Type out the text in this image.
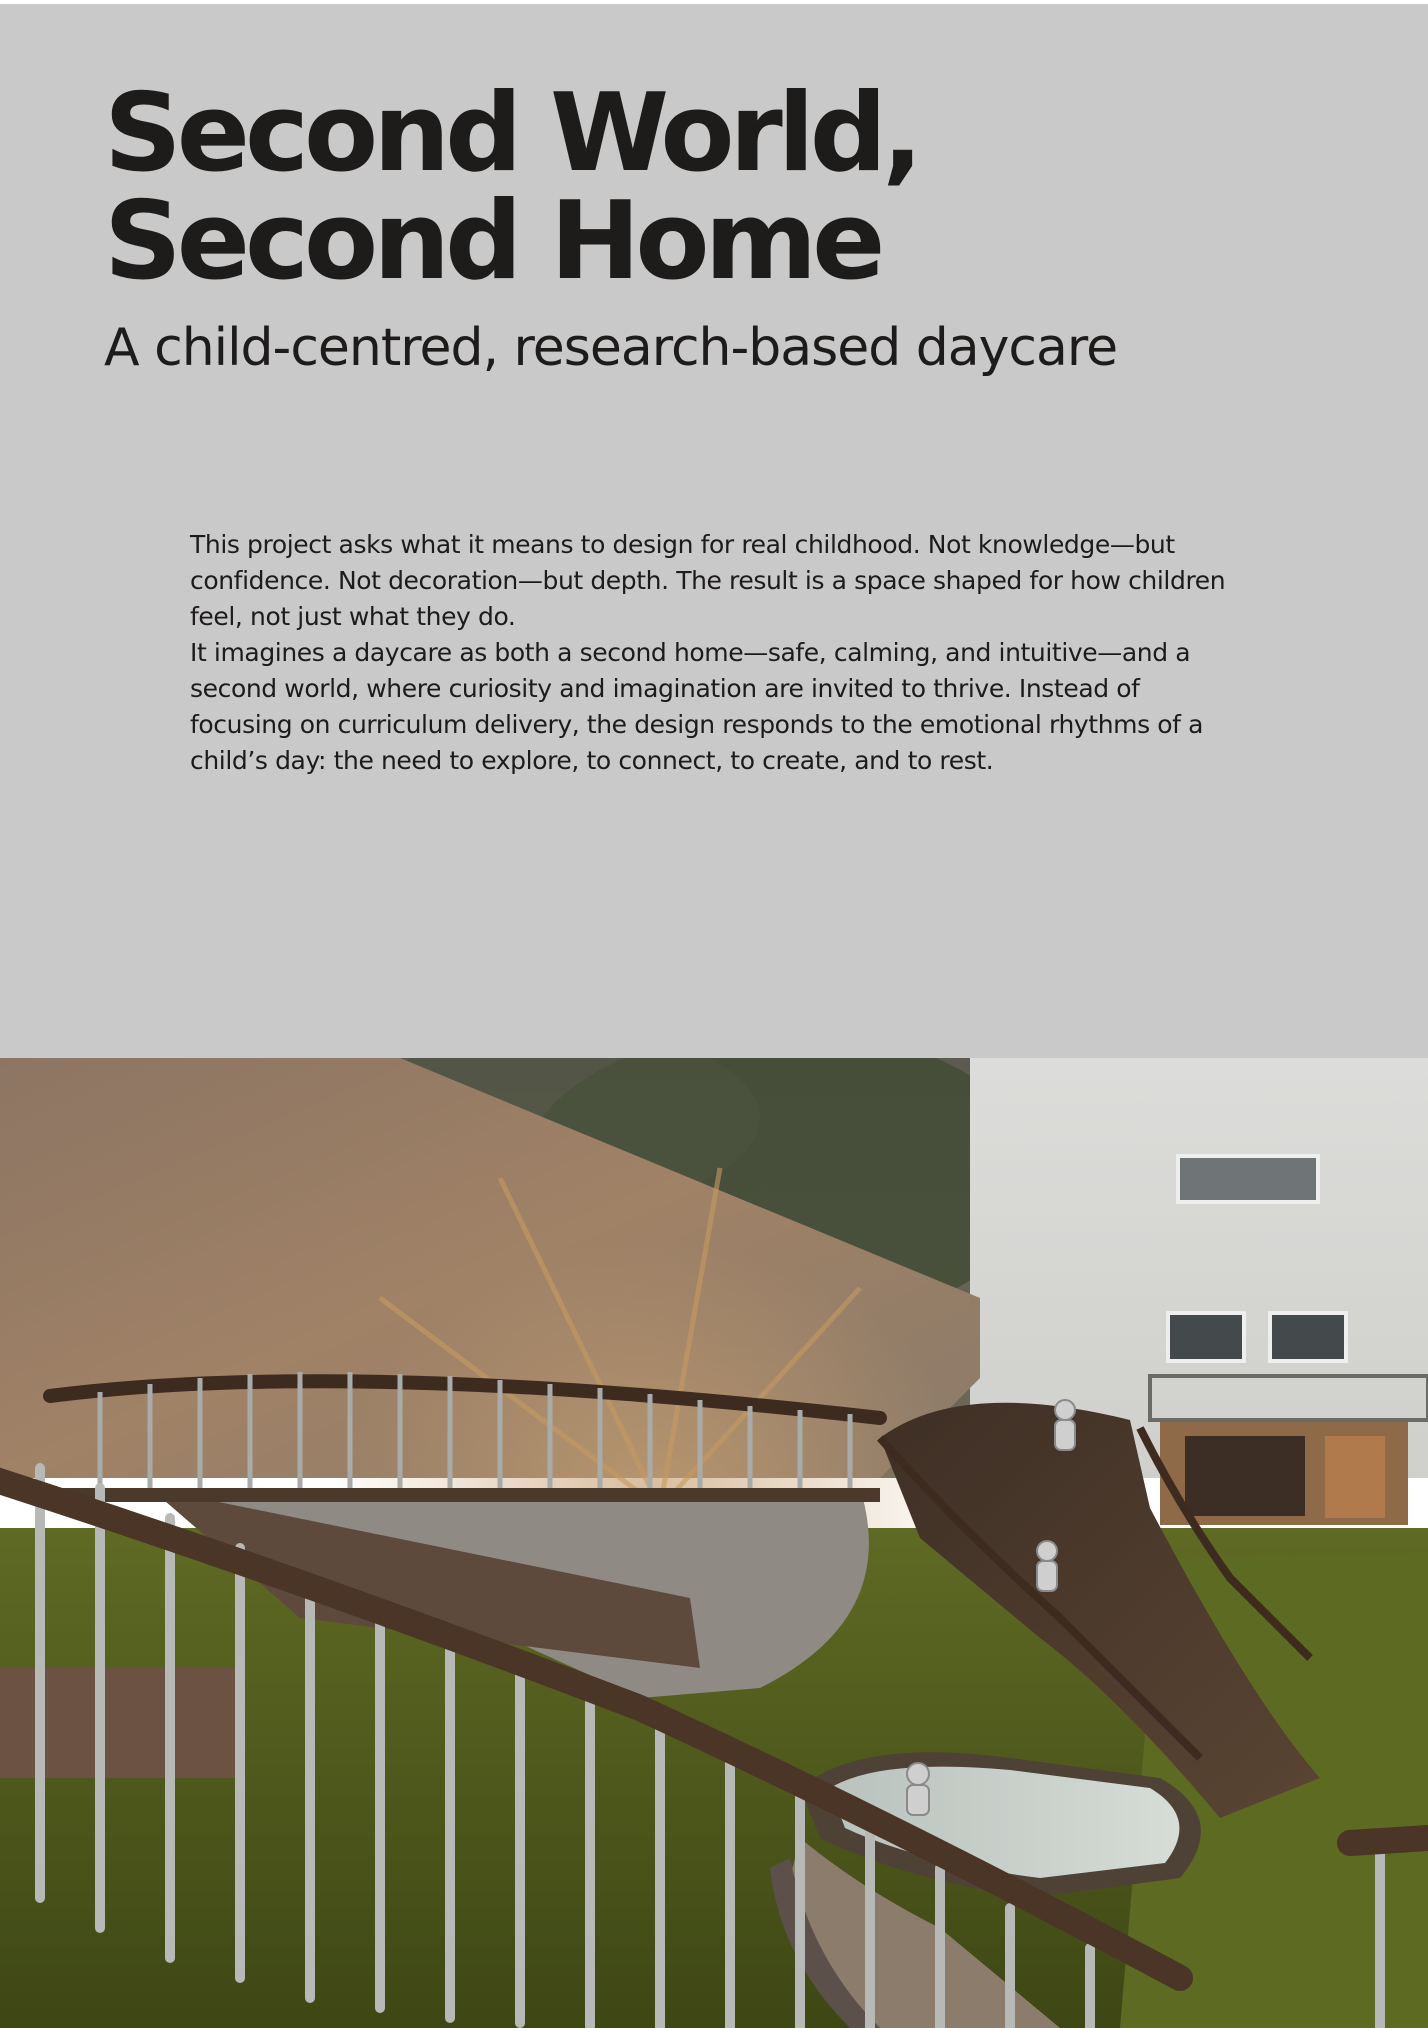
Second World,
Second Home
A child-centred, research-based daycare

This project asks what it means to design for real childhood. Not knowledge—but confidence. Not decoration—but depth. The result is a space shaped for how children feel, not just what they do.

It imagines a daycare as both a second home—safe, calming, and intuitive—and a second world, where curiosity and imagination are invited to thrive. Instead of focusing on curriculum delivery, the design responds to the emotional rhythms of a child’s day: the need to explore, to connect, to create, and to rest.
